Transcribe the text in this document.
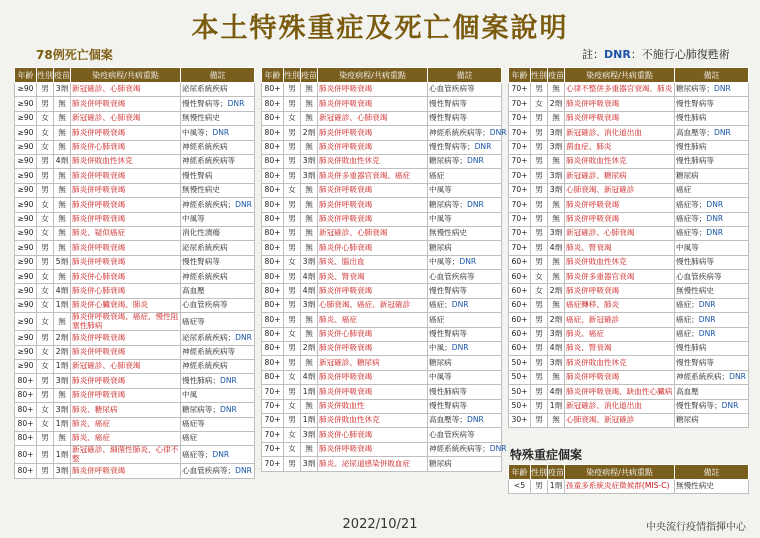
本土特殊重症及死亡個案說明
78例死亡個案	註：DNR：不施行心肺復甦術
年齡	性別	疫苗	染疫病程/共病重點	備註
≥90	男	3劑	新冠確診、心肺衰竭	泌尿系統疾病
≥90	男	無	肺炎併呼吸衰竭	慢性腎病等；DNR
≥90	女	無	新冠確診、心肺衰竭	無慢性病史
≥90	女	無	肺炎併呼吸衰竭	中風等；DNR
≥90	女	無	肺炎併心肺衰竭	神經系統疾病
≥90	男	4劑	肺炎併敗血性休克	神經系統疾病等
≥90	男	無	肺炎併呼吸衰竭	慢性腎病
≥90	男	無	肺炎併呼吸衰竭	無慢性病史
≥90	女	無	肺炎併呼吸衰竭	神經系統疾病；DNR
≥90	女	無	肺炎併呼吸衰竭	中風等
≥90	女	無	肺炎、疑似癌症	消化性潰瘍
≥90	男	無	肺炎併呼吸衰竭	泌尿系統疾病
≥90	男	5劑	肺炎併呼吸衰竭	慢性腎病等
≥90	女	無	肺炎併心肺衰竭	神經系統疾病
≥90	女	4劑	肺炎併心肺衰竭	高血壓
≥90	女	1劑	肺炎併心臟衰竭、肺炎	心血管疾病等
≥90	女	無	肺炎併呼吸衰竭、癌症、慢性阻塞性肺病	癌症等
≥90	男	2劑	肺炎併呼吸衰竭	泌尿系統疾病；DNR
≥90	女	2劑	肺炎併呼吸衰竭	神經系統疾病等
≥90	女	1劑	新冠確診、心肺衰竭	神經系統疾病
80+	男	3劑	肺炎併呼吸衰竭	慢性肺病；DNR
80+	男	無	肺炎併呼吸衰竭	中風
80+	女	3劑	肺炎、糖尿病	糖尿病等；DNR
80+	女	1劑	肺炎、癌症	癌症等
80+	男	無	肺炎、癌症	癌症
80+	男	1劑	新冠確診、細菌性肺炎、心律不整	癌症等；DNR
80+	男	3劑	肺炎併呼吸衰竭	心血管疾病等；DNR
年齡	性別	疫苗	染疫病程/共病重點	備註
80+	男	無	肺炎併呼吸衰竭	心血管疾病等
80+	男	無	肺炎併呼吸衰竭	慢性腎病等
80+	女	無	新冠確診、心肺衰竭	慢性腎病等
80+	男	2劑	肺炎併呼吸衰竭	神經系統疾病等；DNR
80+	男	無	肺炎併呼吸衰竭	慢性腎病等；DNR
80+	男	3劑	肺炎併敗血性休克	糖尿病等；DNR
80+	男	3劑	肺炎併多重器官衰竭、癌症	癌症
80+	女	無	肺炎併呼吸衰竭	中風等
80+	男	無	肺炎併呼吸衰竭	糖尿病等；DNR
80+	男	無	肺炎併呼吸衰竭	中風等
80+	男	無	新冠確診、心肺衰竭	無慢性病史
80+	男	無	肺炎併心肺衰竭	糖尿病
80+	女	3劑	肺炎、腦出血	中風等；DNR
80+	男	4劑	肺炎、腎衰竭	心血管疾病等
80+	男	4劑	肺炎併呼吸衰竭	慢性腎病等
80+	男	3劑	心肺衰竭、癌症、新冠確診	癌症；DNR
80+	男	無	肺炎、癌症	癌症
80+	女	無	肺炎併心肺衰竭	慢性腎病等
80+	男	2劑	肺炎併呼吸衰竭	中風；DNR
80+	男	無	新冠確診、糖尿病	糖尿病
80+	女	4劑	肺炎併呼吸衰竭	中風等
70+	男	1劑	肺炎併呼吸衰竭	慢性肺病等
70+	女	無	肺炎併敗血性	慢性腎病等
70+	男	1劑	肺炎併敗血性休克	高血壓等；DNR
70+	女	3劑	肺炎併心肺衰竭	心血管疾病等
70+	女	無	肺炎併呼吸衰竭	神經系統疾病等；DNR
70+	男	3劑	肺炎、泌尿道感染併敗血症	糖尿病
年齡	性別	疫苗	染疫病程/共病重點	備註
70+	男	無	心律不整併多重器官衰竭、肺炎	糖尿病等；DNR
70+	女	2劑	肺炎併呼吸衰竭	慢性腎病等
70+	男	無	肺炎併呼吸衰竭	慢性肺病
70+	男	3劑	新冠確診、消化道出血	高血壓等；DNR
70+	男	3劑	菌血症、肺炎	慢性肺病
70+	男	無	肺炎併敗血性休克	慢性肺病等
70+	男	3劑	新冠確診、糖尿病	糖尿病
70+	男	3劑	心肺衰竭、新冠確診	癌症
70+	男	無	肺炎併呼吸衰竭	癌症等；DNR
70+	男	無	肺炎併呼吸衰竭	癌症等；DNR
70+	男	3劑	新冠確診、心肺衰竭	癌症等；DNR
70+	男	4劑	肺炎、腎衰竭	中風等
60+	男	無	肺炎併敗血性休克	慢性肺病等
60+	女	無	肺炎併多重器官衰竭	心血管疾病等
60+	女	2劑	肺炎併呼吸衰竭	無慢性病史
60+	男	無	癌症轉移、肺炎	癌症；DNR
60+	男	2劑	癌症、新冠確診	癌症；DNR
60+	男	3劑	肺炎、癌症	癌症；DNR
60+	男	4劑	肺炎、腎衰竭	慢性肺病
50+	男	3劑	肺炎併敗血性休克	慢性腎病等
50+	男	無	肺炎併呼吸衰竭	神經系統疾病；DNR
50+	男	4劑	肺炎併呼吸衰竭、缺血性心臟病	高血壓
50+	男	1劑	新冠確診、消化道出血	慢性腎病等；DNR
30+	男	無	心肺衰竭、新冠確診	糖尿病
特殊重症個案
年齡	性別	疫苗	染疫病程/共病重點	備註
<5	男	1劑	孩童多系統炎症徵候群(MIS-C)	無慢性病史
2022/10/21	中央流行疫情指揮中心
